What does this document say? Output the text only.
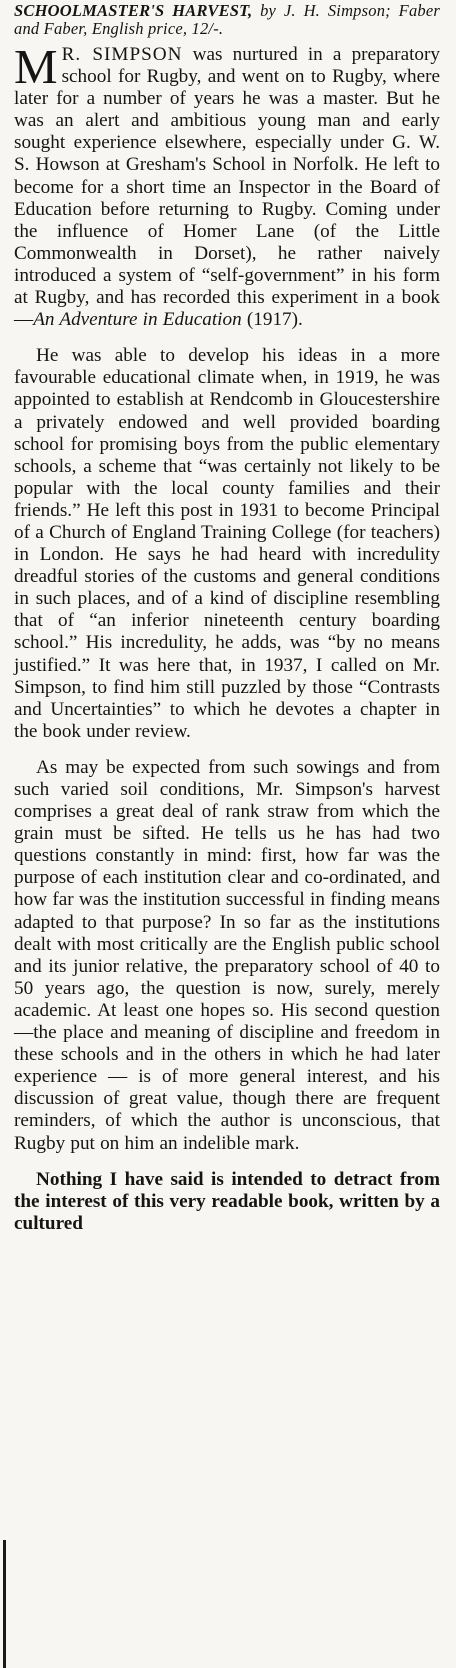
SCHOOLMASTER'S HARVEST, by J. H. Simpson; Faber and Faber, English price, 12/-.

M R. SIMPSON was nurtured in a preparatory school for Rugby, and went on to Rugby, where later for a number of years he was a master. But he was an alert and ambitious young man and early sought experience elsewhere, especially under G. W. S. Howson at Gresham's School in Norfolk. He left to become for a short time an Inspector in the Board of Education before returning to Rugby. Coming under the influence of Homer Lane (of the Little Commonwealth in Dorset), he rather naively introduced a system of “self-government” in his form at Rugby, and has recorded this experiment in a book—An Adventure in Education (1917).

He was able to develop his ideas in a more favourable educational climate when, in 1919, he was appointed to establish at Rendcomb in Gloucestershire a privately endowed and well provided boarding school for promising boys from the public elementary schools, a scheme that “was certainly not likely to be popular with the local county families and their friends.” He left this post in 1931 to become Principal of a Church of England Training College (for teachers) in London. He says he had heard with incredulity dreadful stories of the customs and general conditions in such places, and of a kind of discipline resembling that of “an inferior nineteenth century boarding school.” His incredulity, he adds, was “by no means justified.” It was here that, in 1937, I called on Mr. Simpson, to find him still puzzled by those “Contrasts and Uncertainties” to which he devotes a chapter in the book under review.

As may be expected from such sowings and from such varied soil conditions, Mr. Simpson's harvest comprises a great deal of rank straw from which the grain must be sifted. He tells us he has had two questions constantly in mind: first, how far was the purpose of each institution clear and co-ordinated, and how far was the institution successful in finding means adapted to that purpose? In so far as the institutions dealt with most critically are the English public school and its junior relative, the preparatory school of 40 to 50 years ago, the question is now, surely, merely academic. At least one hopes so. His second question—the place and meaning of discipline and freedom in these schools and in the others in which he had later experience — is of more general interest, and his discussion of great value, though there are frequent reminders, of which the author is unconscious, that Rugby put on him an indelible mark.

Nothing I have said is intended to detract from the interest of this very readable book, written by a cultured
